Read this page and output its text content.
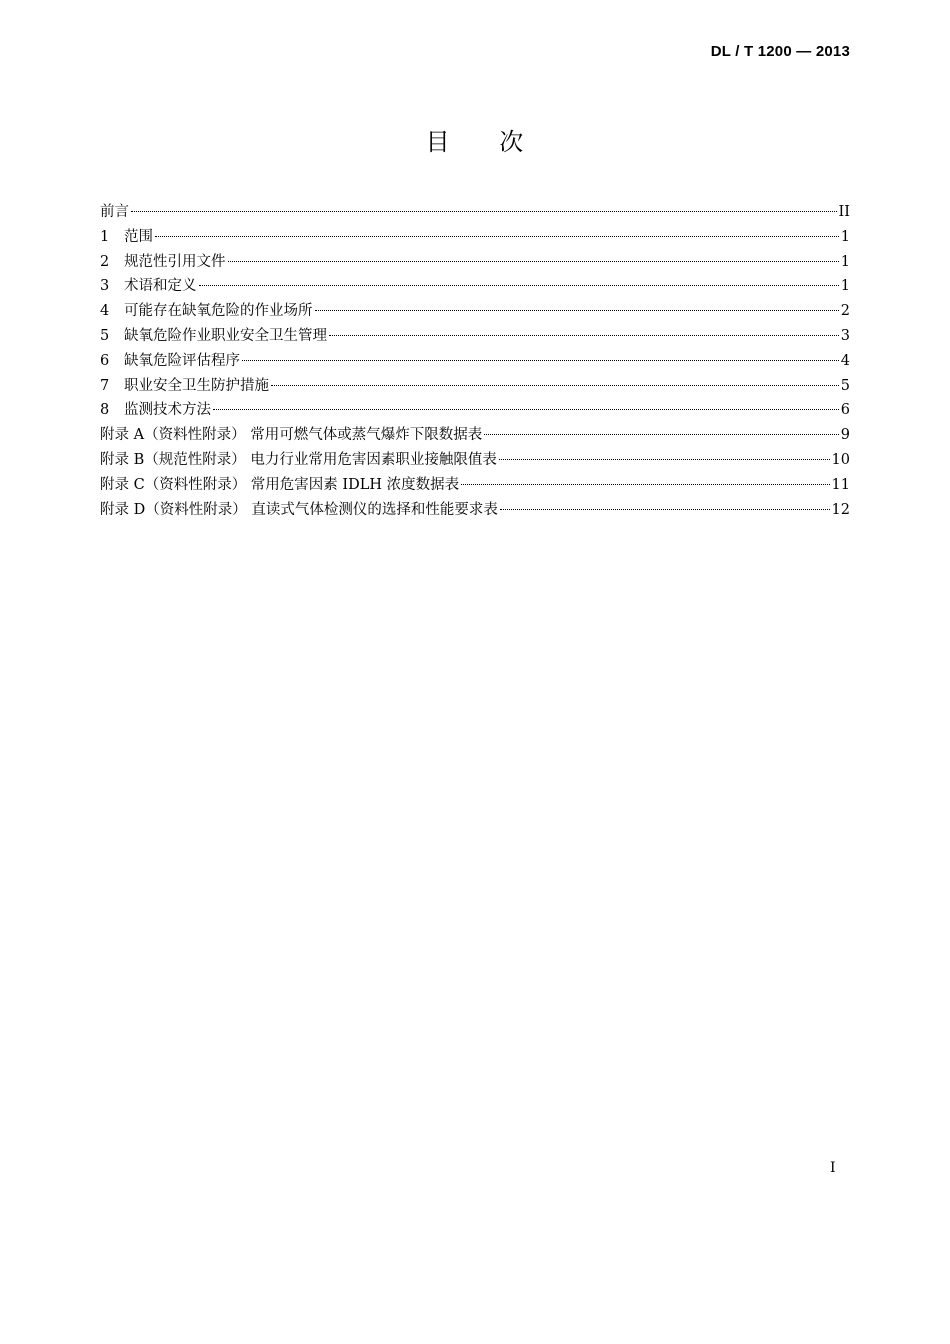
DL / T 1200 — 2013
目 次
前言	II
1	范围	1
2	规范性引用文件	1
3	术语和定义	1
4	可能存在缺氧危险的作业场所	2
5	缺氧危险作业职业安全卫生管理	3
6	缺氧危险评估程序	4
7	职业安全卫生防护措施	5
8	监测技术方法	6
附录 A（资料性附录） 常用可燃气体或蒸气爆炸下限数据表	9
附录 B（规范性附录） 电力行业常用危害因素职业接触限值表	10
附录 C（资料性附录） 常用危害因素 IDLH 浓度数据表	11
附录 D（资料性附录） 直读式气体检测仪的选择和性能要求表	12
I
